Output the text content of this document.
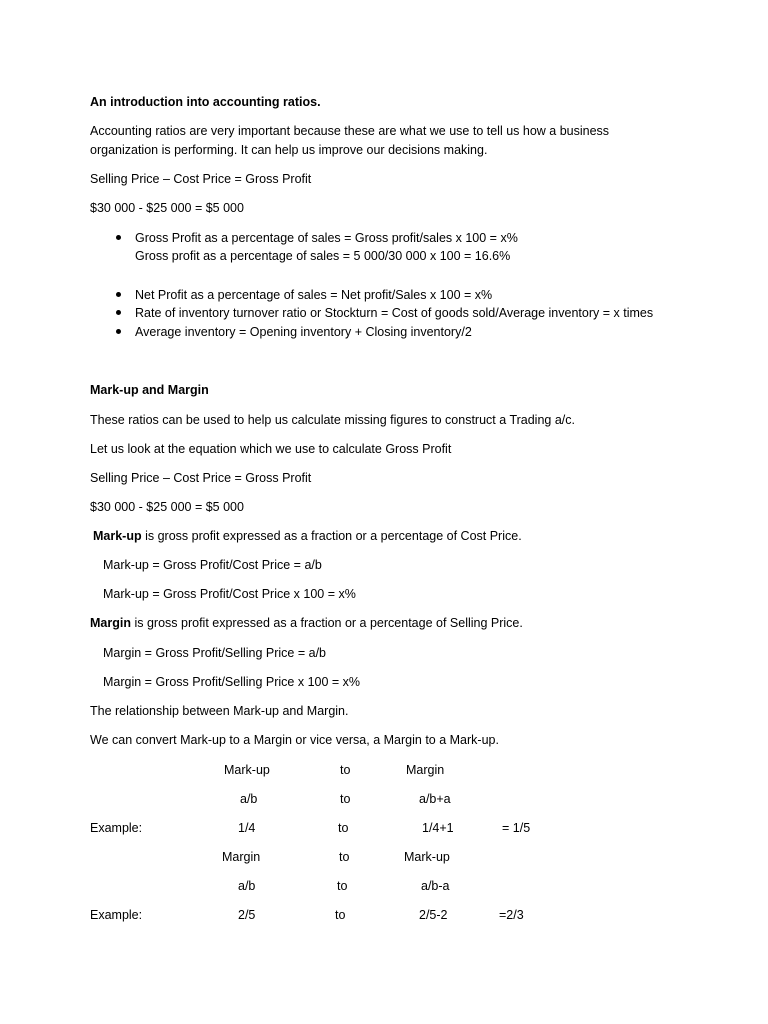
An introduction into accounting ratios.
Accounting ratios are very important because these are what we use to tell us how a business
organization is performing. It can help us improve our decisions making.
Selling Price – Cost Price = Gross Profit
$30 000 - $25 000 = $5 000
Gross Profit as a percentage of sales = Gross profit/sales x 100 = x%
Gross profit as a percentage of sales = 5 000/30 000 x 100 = 16.6%
Net Profit as a percentage of sales = Net profit/Sales x 100 = x%
Rate of inventory turnover ratio or Stockturn = Cost of goods sold/Average inventory = x times
Average inventory = Opening inventory + Closing inventory/2
Mark-up and Margin
These ratios can be used to help us calculate missing figures to construct a Trading a/c.
Let us look at the equation which we use to calculate Gross Profit
Selling Price – Cost Price = Gross Profit
$30 000 - $25 000 = $5 000
Mark-up is gross profit expressed as a fraction or a percentage of Cost Price.
Mark-up = Gross Profit/Cost Price = a/b
Mark-up = Gross Profit/Cost Price x 100 = x%
Margin is gross profit expressed as a fraction or a percentage of Selling Price.
Margin = Gross Profit/Selling Price = a/b
Margin = Gross Profit/Selling Price x 100 = x%
The relationship between Mark-up and Margin.
We can convert Mark-up to a Margin or vice versa, a Margin to a Mark-up.
Mark-up	to	Margin
a/b	to	a/b+a
Example:	1/4	to	1/4+1	= 1/5
Margin	to	Mark-up
a/b	to	a/b-a
Example:	2/5	to	2/5-2	=2/3
